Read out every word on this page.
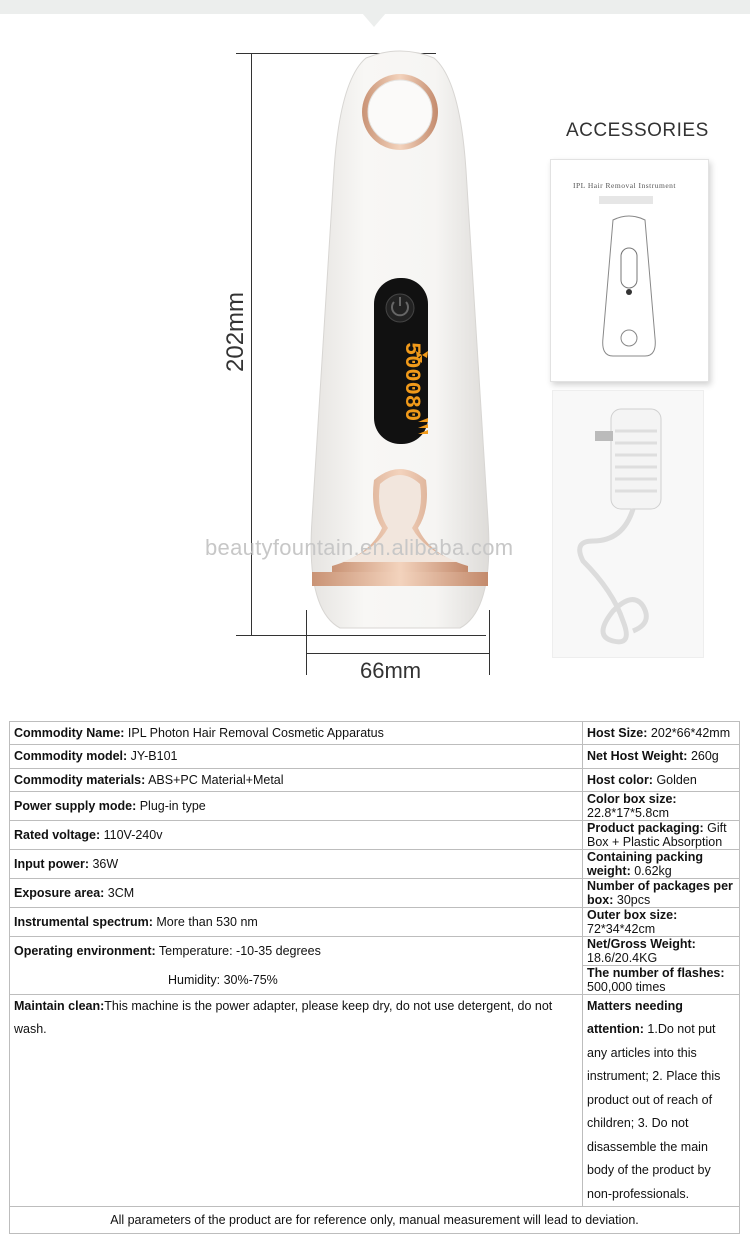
202mm
66mm
500080
beautyfountain.en.alibaba.com
ACCESSORIES
IPL Hair Removal Instrument
Commodity Name: IPL Photon Hair Removal Cosmetic Apparatus	Host Size: 202*66*42mm
Commodity model: JY-B101	Net Host Weight: 260g
Commodity materials: ABS+PC Material+Metal	Host color: Golden
Power supply mode: Plug-in type	Color box size: 22.8*17*5.8cm
Rated voltage: 110V-240v	Product packaging: Gift Box + Plastic Absorption
Input power: 36W	Containing packing weight: 0.62kg
Exposure area: 3CM	Number of packages per box: 30pcs
Instrumental spectrum: More than 530 nm	Outer box size: 72*34*42cm
Operating environment: Temperature: -10-35 degrees	Net/Gross Weight: 18.6/20.4KG
Humidity: 30%-75%	The number of flashes: 500,000 times
Maintain clean:This machine is the power adapter, please keep dry, do not use detergent, do not wash.	Matters needing attention: 1.Do not put any articles into this instrument; 2. Place this product out of reach of children; 3. Do not disassemble the main body of the product by non-professionals.
All parameters of the product are for reference only, manual measurement will lead to deviation.	
